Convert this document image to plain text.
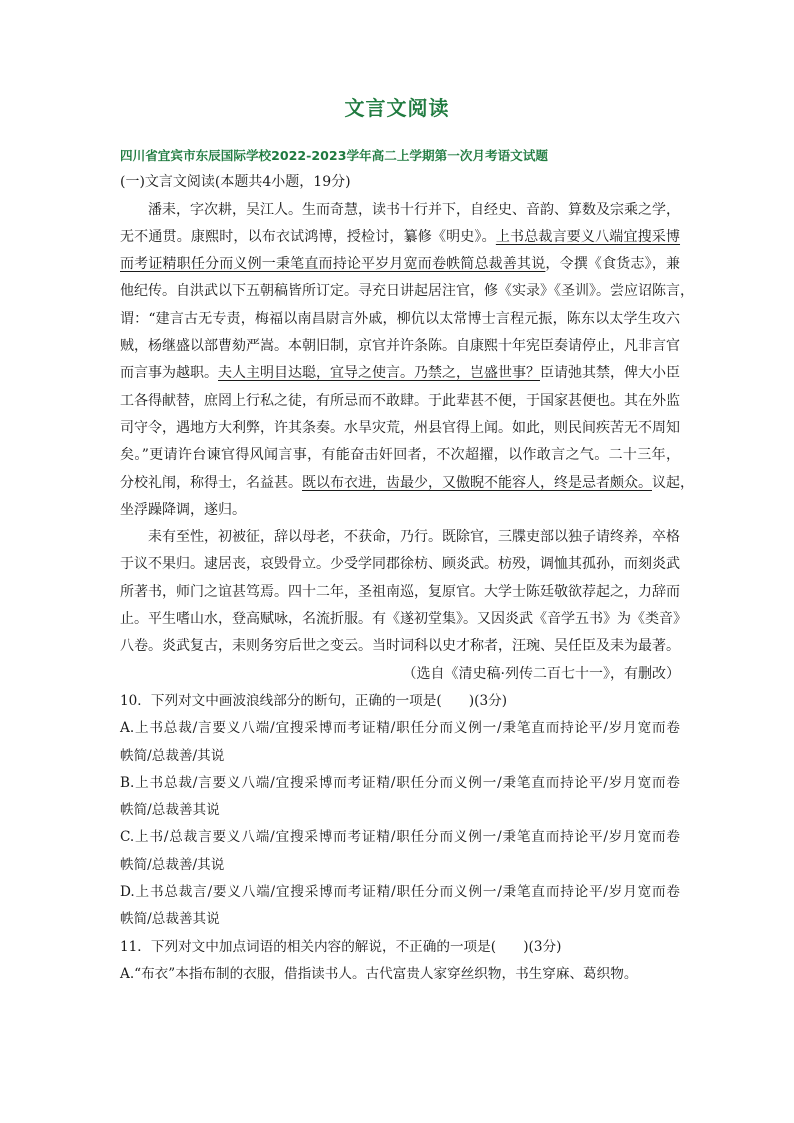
文言文阅读
四川省宜宾市东辰国际学校2022-2023学年高二上学期第一次月考语文试题
(一)文言文阅读(本题共4小题，19分)
潘耒，字次耕，吴江人。生而奇慧，读书十行并下，自经史、音韵、算数及宗乘之学，
无不通贯。康熙时，以布衣试鸿博，授检讨，纂修《明史》。上书总裁言要义八端宜搜采博
而考证精职任分而义例一秉笔直而持论平岁月宽而卷帙简总裁善其说，令撰《食货志》，兼
他纪传。自洪武以下五朝稿皆所订定。寻充日讲起居注官，修《实录》《圣训》。尝应诏陈言，
谓：“建言古无专责，梅福以南昌尉言外戚，柳伉以太常博士言程元振，陈东以太学生攻六
贼，杨继盛以部曹劾严嵩。本朝旧制，京官并许条陈。自康熙十年宪臣奏请停止，凡非言官
而言事为越职。夫人主明目达聪，宜导之使言。乃禁之，岂盛世事？臣请弛其禁，俾大小臣
工各得献替，庶罔上行私之徒，有所忌而不敢肆。于此辈甚不便，于国家甚便也。其在外监
司守令，遇地方大利弊，许其条奏。水旱灾荒，州县官得上闻。如此，则民间疾苦无不周知
矣。”更请许台谏官得风闻言事，有能奋击奸回者，不次超擢，以作敢言之气。二十三年，
分校礼闱，称得士，名益甚。既以布衣进，齿最少，又傲睨不能容人，终是忌者颇众。议起，
坐浮躁降调，遂归。
耒有至性，初被征，辞以母老，不获命，乃行。既除官，三牒吏部以独子请终养，卒格
于议不果归。逮居丧，哀毁骨立。少受学同郡徐枋、顾炎武。枋殁，调恤其孤孙，而刻炎武
所著书，师门之谊甚笃焉。四十二年，圣祖南巡，复原官。大学士陈廷敬欲荐起之，力辞而
止。平生嗜山水，登高赋咏，名流折服。有《遂初堂集》。又因炎武《音学五书》为《类音》
八卷。炎武复古，耒则务穷后世之变云。当时词科以史才称者，汪琬、吴任臣及耒为最著。
（选自《清史稿·列传二百七十一》，有删改）
10．下列对文中画波浪线部分的断句，正确的一项是(　　)(3分)
A.上书总裁/言要义八端/宜搜采博而考证精/职任分而义例一/秉笔直而持论平/岁月宽而卷
帙简/总裁善/其说
B.上书总裁/言要义八端/宜搜采博而考证精/职任分而义例一/秉笔直而持论平/岁月宽而卷
帙简/总裁善其说
C.上书/总裁言要义八端/宜搜采博而考证精/职任分而义例一/秉笔直而持论平/岁月宽而卷
帙简/总裁善/其说
D.上书总裁言/要义八端/宜搜采博而考证精/职任分而义例一/秉笔直而持论平/岁月宽而卷
帙简/总裁善其说
11．下列对文中加点词语的相关内容的解说，不正确的一项是(　　)(3分)
A.“布衣”本指布制的衣服，借指读书人。古代富贵人家穿丝织物，书生穿麻、葛织物。
